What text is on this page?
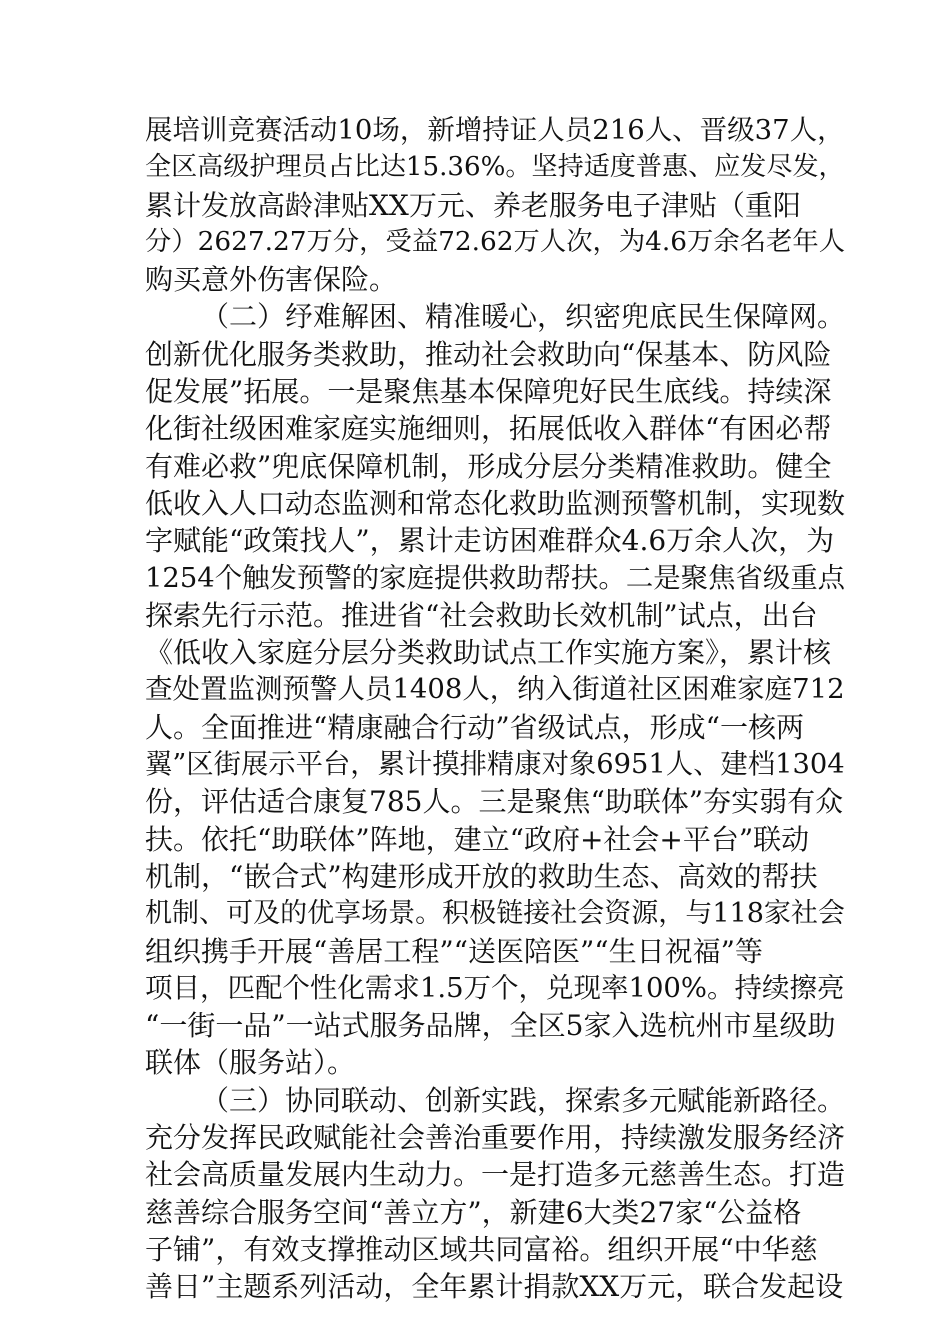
展培训竞赛活动10场，新增持证人员216人、晋级37人，
全区高级护理员占比达15.36%。坚持适度普惠、应发尽发，
累计发放高龄津贴XX万元、养老服务电子津贴（重阳
分）2627.27万分，受益72.62万人次，为4.6万余名老年人
购买意外伤害保险。
（二）纾难解困、精准暖心，织密兜底民生保障网。
创新优化服务类救助，推动社会救助向“保基本、防风险
促发展”拓展。一是聚焦基本保障兜好民生底线。持续深
化街社级困难家庭实施细则，拓展低收入群体“有困必帮
有难必救”兜底保障机制，形成分层分类精准救助。健全
低收入人口动态监测和常态化救助监测预警机制，实现数
字赋能“政策找人”，累计走访困难群众4.6万余人次，为
1254个触发预警的家庭提供救助帮扶。二是聚焦省级重点
探索先行示范。推进省“社会救助长效机制”试点，出台
《低收入家庭分层分类救助试点工作实施方案》，累计核
查处置监测预警人员1408人，纳入街道社区困难家庭712
人。全面推进“精康融合行动”省级试点，形成“一核两
翼”区街展示平台，累计摸排精康对象6951人、建档1304
份，评估适合康复785人。三是聚焦“助联体”夯实弱有众
扶。依托“助联体”阵地，建立“政府+社会+平台”联动
机制，“嵌合式”构建形成开放的救助生态、高效的帮扶
机制、可及的优享场景。积极链接社会资源，与118家社会
组织携手开展“善居工程”“送医陪医”“生日祝福”等
项目，匹配个性化需求1.5万个，兑现率100%。持续擦亮
“一街一品”一站式服务品牌，全区5家入选杭州市星级助
联体（服务站）。
（三）协同联动、创新实践，探索多元赋能新路径。
充分发挥民政赋能社会善治重要作用，持续激发服务经济
社会高质量发展内生动力。一是打造多元慈善生态。打造
慈善综合服务空间“善立方”，新建6大类27家“公益格
子铺”，有效支撑推动区域共同富裕。组织开展“中华慈
善日”主题系列活动，全年累计捐款XX万元，联合发起设
